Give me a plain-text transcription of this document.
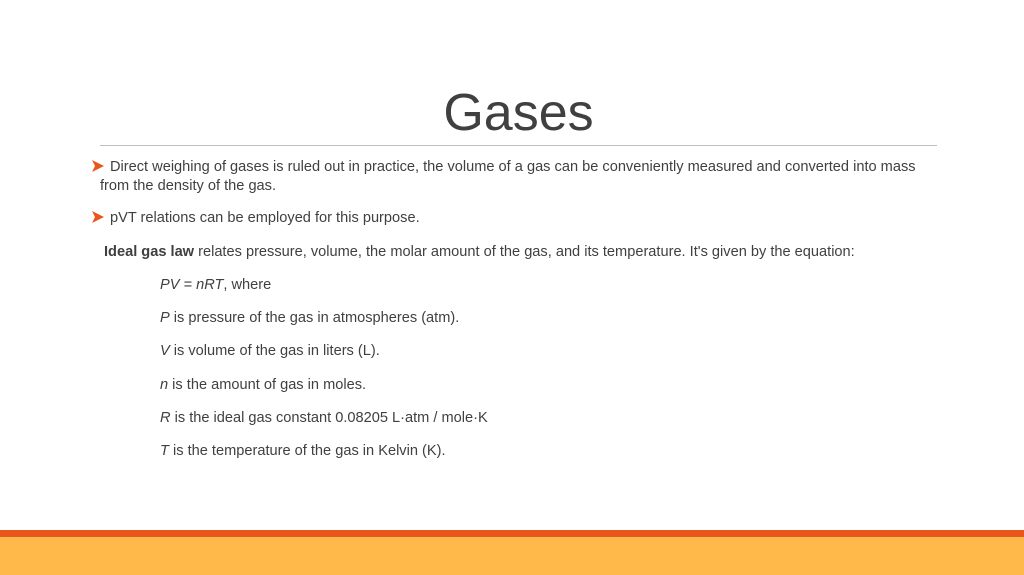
Gases
Direct weighing of gases is ruled out in practice, the volume of a gas can be conveniently measured and converted into mass from the density of the gas.
pVT relations can be employed for this purpose.
Ideal gas law relates pressure, volume, the molar amount of the gas, and its temperature. It's given by the equation:
PV = nRT, where
P is pressure of the gas in atmospheres (atm).
V is volume of the gas in liters (L).
n is the amount of gas in moles.
R is the ideal gas constant 0.08205 L·atm / mole·K
T is the temperature of the gas in Kelvin (K).
